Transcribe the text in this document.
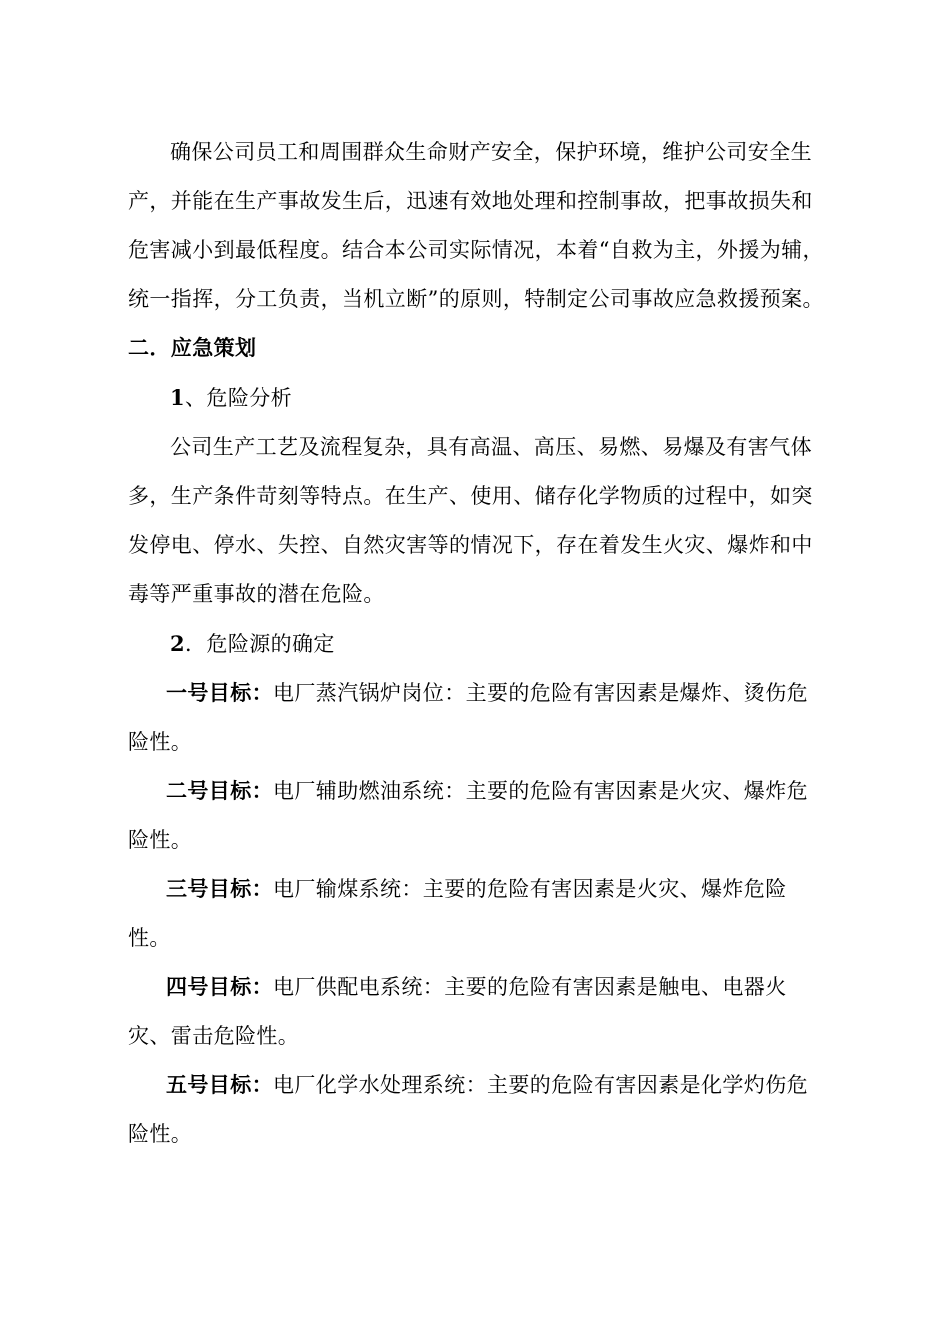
确保公司员工和周围群众生命财产安全，保护环境，维护公司安全生产，并能在生产事故发生后，迅速有效地处理和控制事故，把事故损失和危害减小到最低程度。结合本公司实际情况，本着“自救为主，外援为辅，统一指挥，分工负责，当机立断”的原则，特制定公司事故应急救援预案。

二．应急策划

1、危险分析

公司生产工艺及流程复杂，具有高温、高压、易燃、易爆及有害气体多，生产条件苛刻等特点。在生产、使用、储存化学物质的过程中，如突发停电、停水、失控、自然灾害等的情况下，存在着发生火灾、爆炸和中毒等严重事故的潜在危险。

2．危险源的确定

一号目标：电厂蒸汽锅炉岗位：主要的危险有害因素是爆炸、烫伤危险性。

二号目标：电厂辅助燃油系统：主要的危险有害因素是火灾、爆炸危险性。

三号目标：电厂输煤系统：主要的危险有害因素是火灾、爆炸危险性。

四号目标：电厂供配电系统：主要的危险有害因素是触电、电器火灾、雷击危险性。

五号目标：电厂化学水处理系统：主要的危险有害因素是化学灼伤危险性。
